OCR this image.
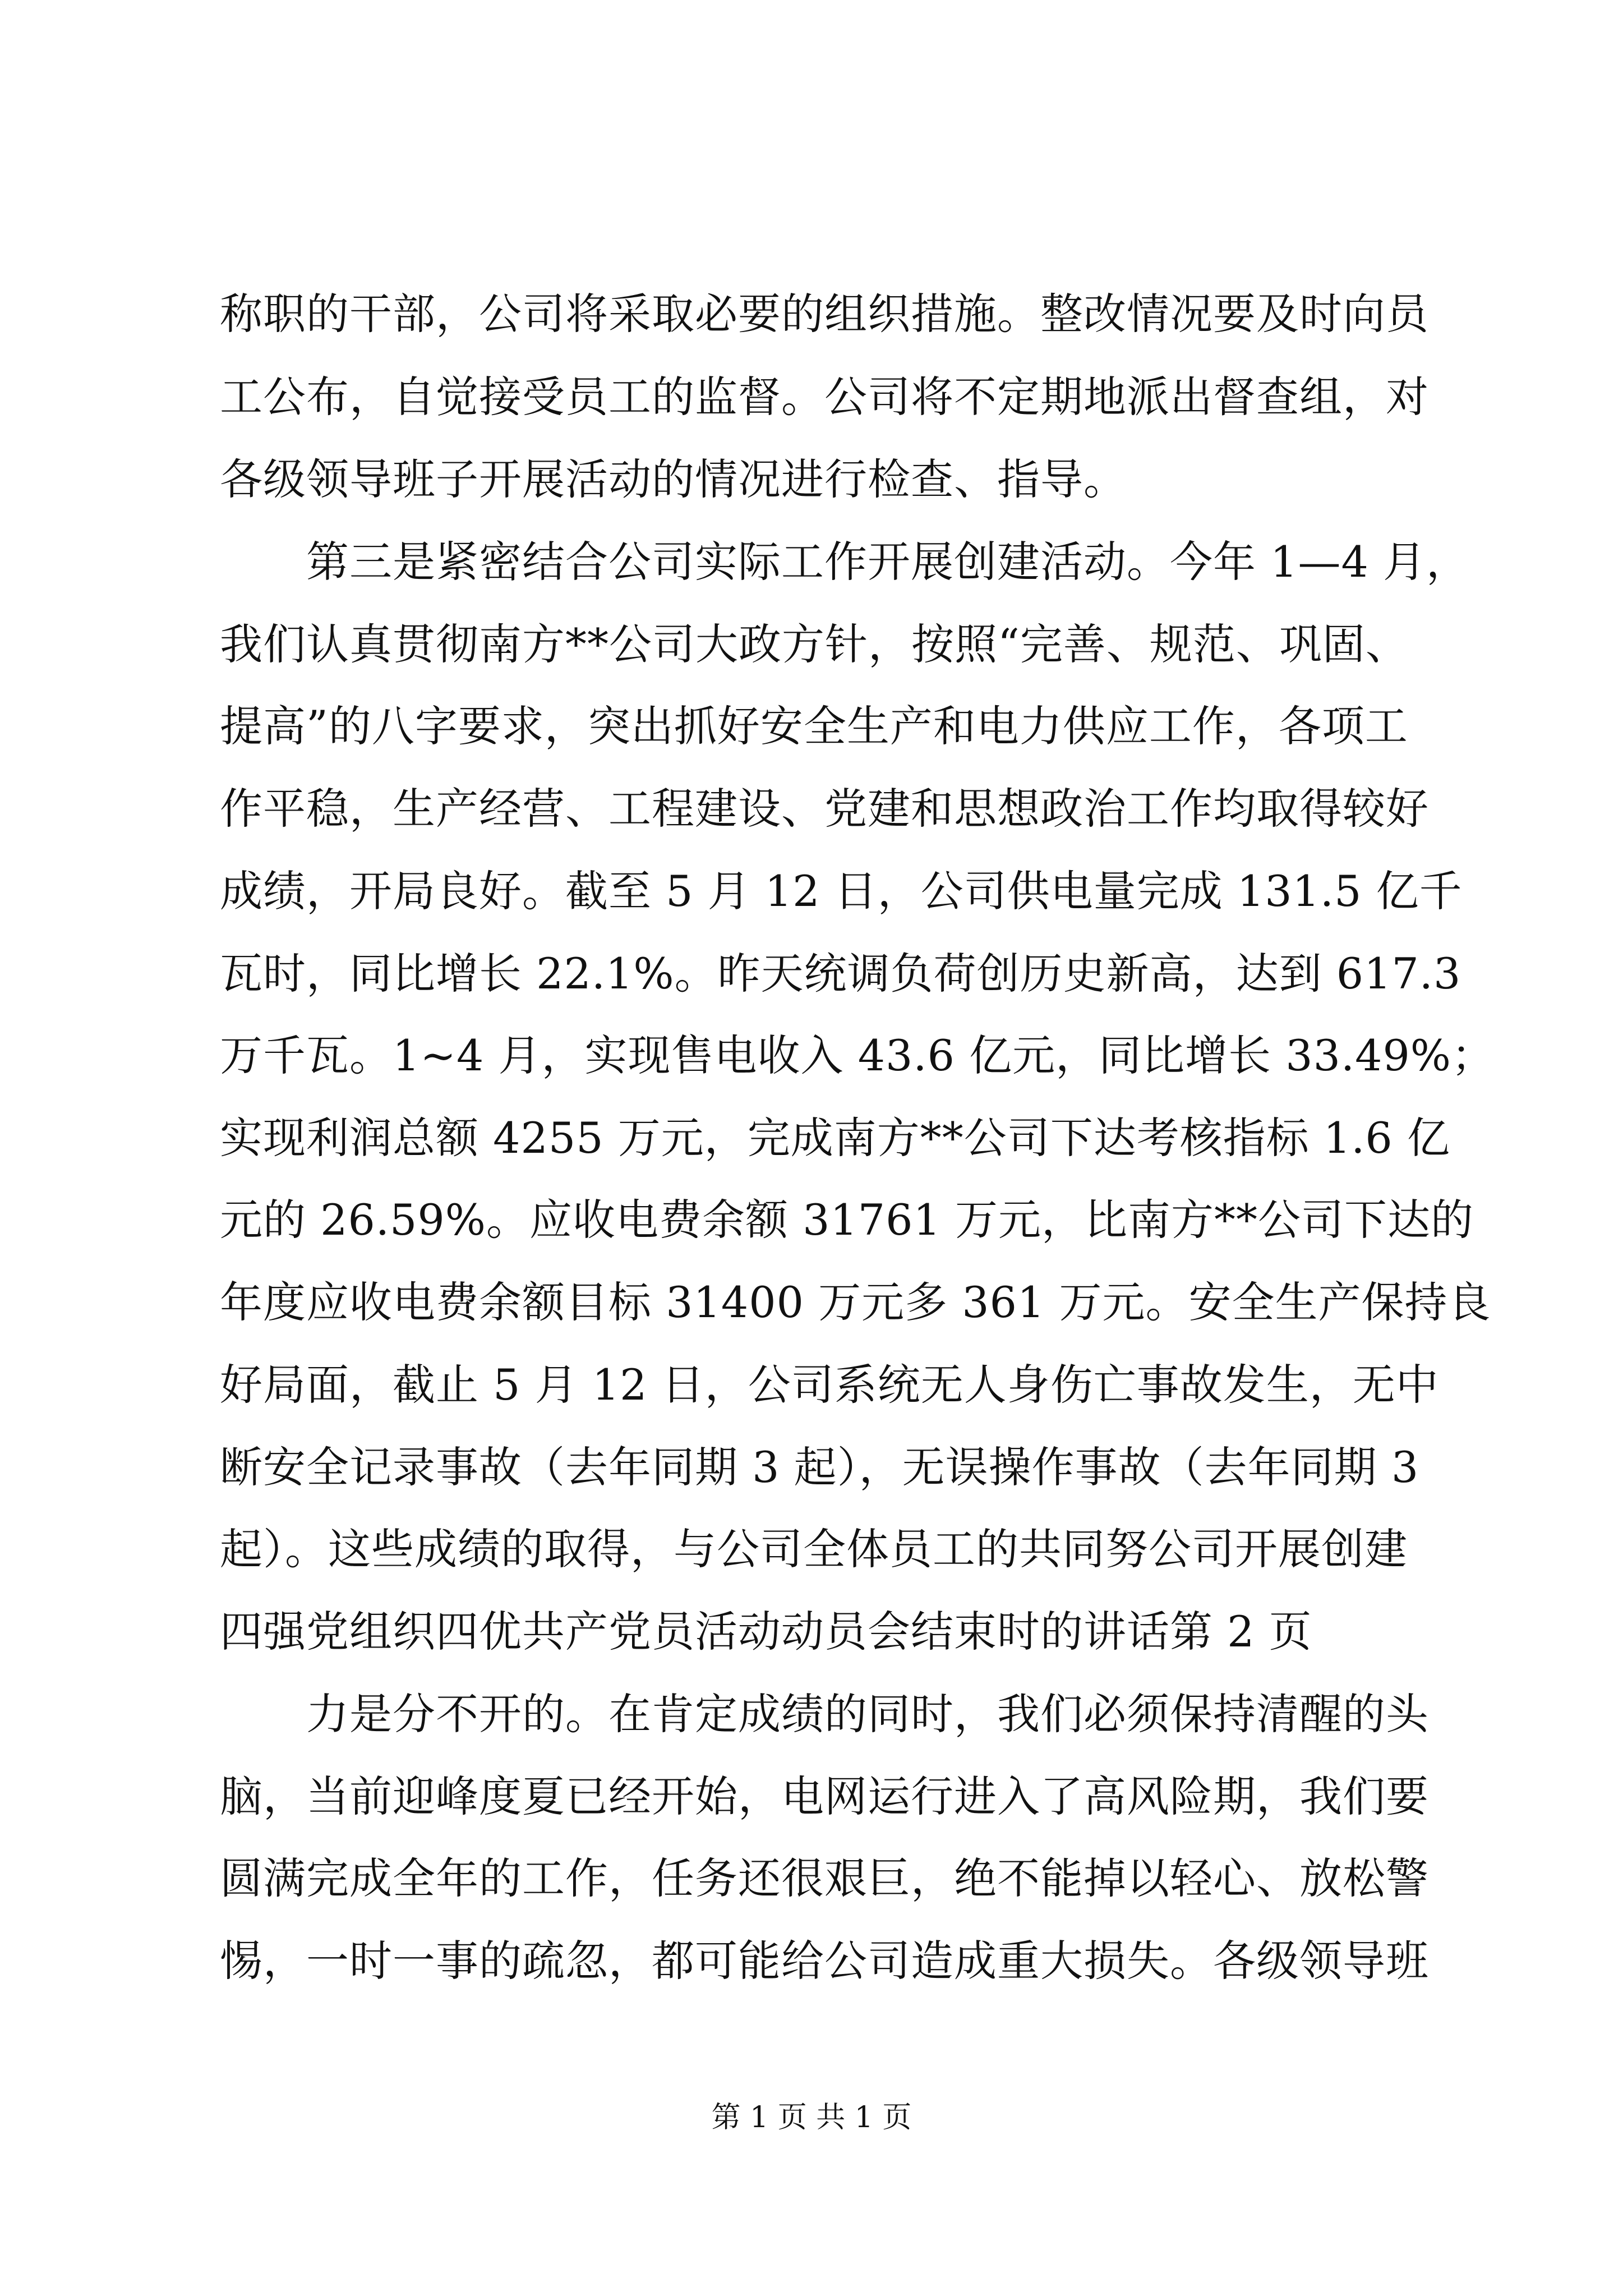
称职的干部，公司将采取必要的组织措施。整改情况要及时向员
工公布，自觉接受员工的监督。公司将不定期地派出督查组，对
各级领导班子开展活动的情况进行检查、指导。
　　第三是紧密结合公司实际工作开展创建活动。今年 1—4 月，
我们认真贯彻南方**公司大政方针，按照“完善、规范、巩固、
提高”的八字要求，突出抓好安全生产和电力供应工作，各项工
作平稳，生产经营、工程建设、党建和思想政治工作均取得较好
成绩，开局良好。截至 5 月 12 日，公司供电量完成 131.5 亿千
瓦时，同比增长 22.1%。昨天统调负荷创历史新高，达到 617.3
万千瓦。1~4 月，实现售电收入 43.6 亿元，同比增长 33.49%；
实现利润总额 4255 万元，完成南方**公司下达考核指标 1.6 亿
元的 26.59%。应收电费余额 31761 万元，比南方**公司下达的
年度应收电费余额目标 31400 万元多 361 万元。安全生产保持良
好局面，截止 5 月 12 日，公司系统无人身伤亡事故发生，无中
断安全记录事故（去年同期 3 起），无误操作事故（去年同期 3
起）。这些成绩的取得，与公司全体员工的共同努公司开展创建
四强党组织四优共产党员活动动员会结束时的讲话第 2 页
　　力是分不开的。在肯定成绩的同时，我们必须保持清醒的头
脑，当前迎峰度夏已经开始，电网运行进入了高风险期，我们要
圆满完成全年的工作，任务还很艰巨，绝不能掉以轻心、放松警
惕，一时一事的疏忽，都可能给公司造成重大损失。各级领导班
第 1 页 共 1 页
